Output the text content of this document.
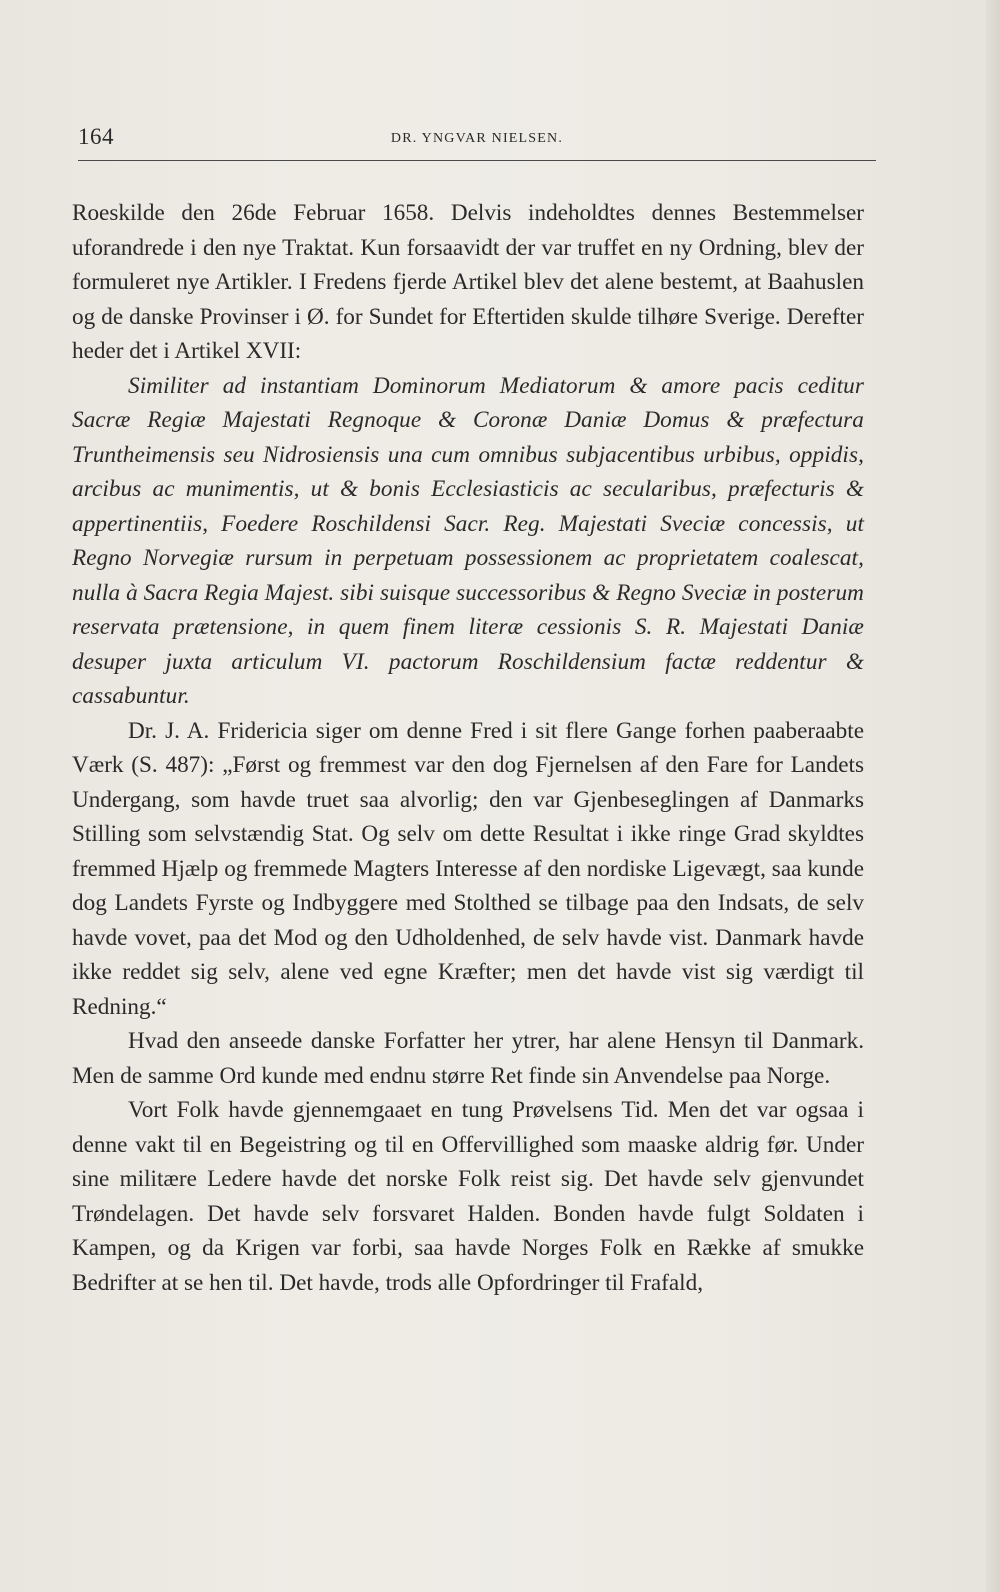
164	DR. YNGVAR NIELSEN.

Roeskilde den 26de Februar 1658. Delvis indeholdtes dennes Bestemmelser uforandrede i den nye Traktat. Kun forsaavidt der var truffet en ny Ordning, blev der formuleret nye Artikler. I Fredens fjerde Artikel blev det alene bestemt, at Baahuslen og de danske Provinser i Ø. for Sundet for Eftertiden skulde tilhøre Sverige. Derefter heder det i Artikel XVII:

Similiter ad instantiam Dominorum Mediatorum & amore pacis ceditur Sacræ Regiæ Majestati Regnoque & Coronæ Daniæ Domus & præfectura Truntheimensis seu Nidrosiensis una cum omnibus subjacentibus urbibus, oppidis, arcibus ac munimentis, ut & bonis Ecclesiasticis ac secularibus, præfecturis & appertinentiis, Foedere Roschildensi Sacr. Reg. Majestati Sveciæ concessis, ut Regno Norvegiæ rursum in perpetuam possessionem ac proprietatem coalescat, nulla à Sacra Regia Majest. sibi suisque successoribus & Regno Sveciæ in posterum reservata prætensione, in quem finem literæ cessionis S. R. Majestati Daniæ desuper juxta articulum VI. pactorum Roschildensium factæ reddentur & cassabuntur.

Dr. J. A. Fridericia siger om denne Fred i sit flere Gange forhen paaberaabte Værk (S. 487): „Først og fremmest var den dog Fjernelsen af den Fare for Landets Undergang, som havde truet saa alvorlig; den var Gjenbeseglingen af Danmarks Stilling som selvstændig Stat. Og selv om dette Resultat i ikke ringe Grad skyldtes fremmed Hjælp og fremmede Magters Interesse af den nordiske Ligevægt, saa kunde dog Landets Fyrste og Indbyggere med Stolthed se tilbage paa den Indsats, de selv havde vovet, paa det Mod og den Udholdenhed, de selv havde vist. Danmark havde ikke reddet sig selv, alene ved egne Kræfter; men det havde vist sig værdigt til Redning.“

Hvad den anseede danske Forfatter her ytrer, har alene Hensyn til Danmark. Men de samme Ord kunde med endnu større Ret finde sin Anvendelse paa Norge.

Vort Folk havde gjennemgaaet en tung Prøvelsens Tid. Men det var ogsaa i denne vakt til en Begeistring og til en Offervillighed som maaske aldrig før. Under sine militære Ledere havde det norske Folk reist sig. Det havde selv gjenvundet Trøndelagen. Det havde selv forsvaret Halden. Bonden havde fulgt Soldaten i Kampen, og da Krigen var forbi, saa havde Norges Folk en Række af smukke Bedrifter at se hen til. Det havde, trods alle Opfordringer til Frafald,
